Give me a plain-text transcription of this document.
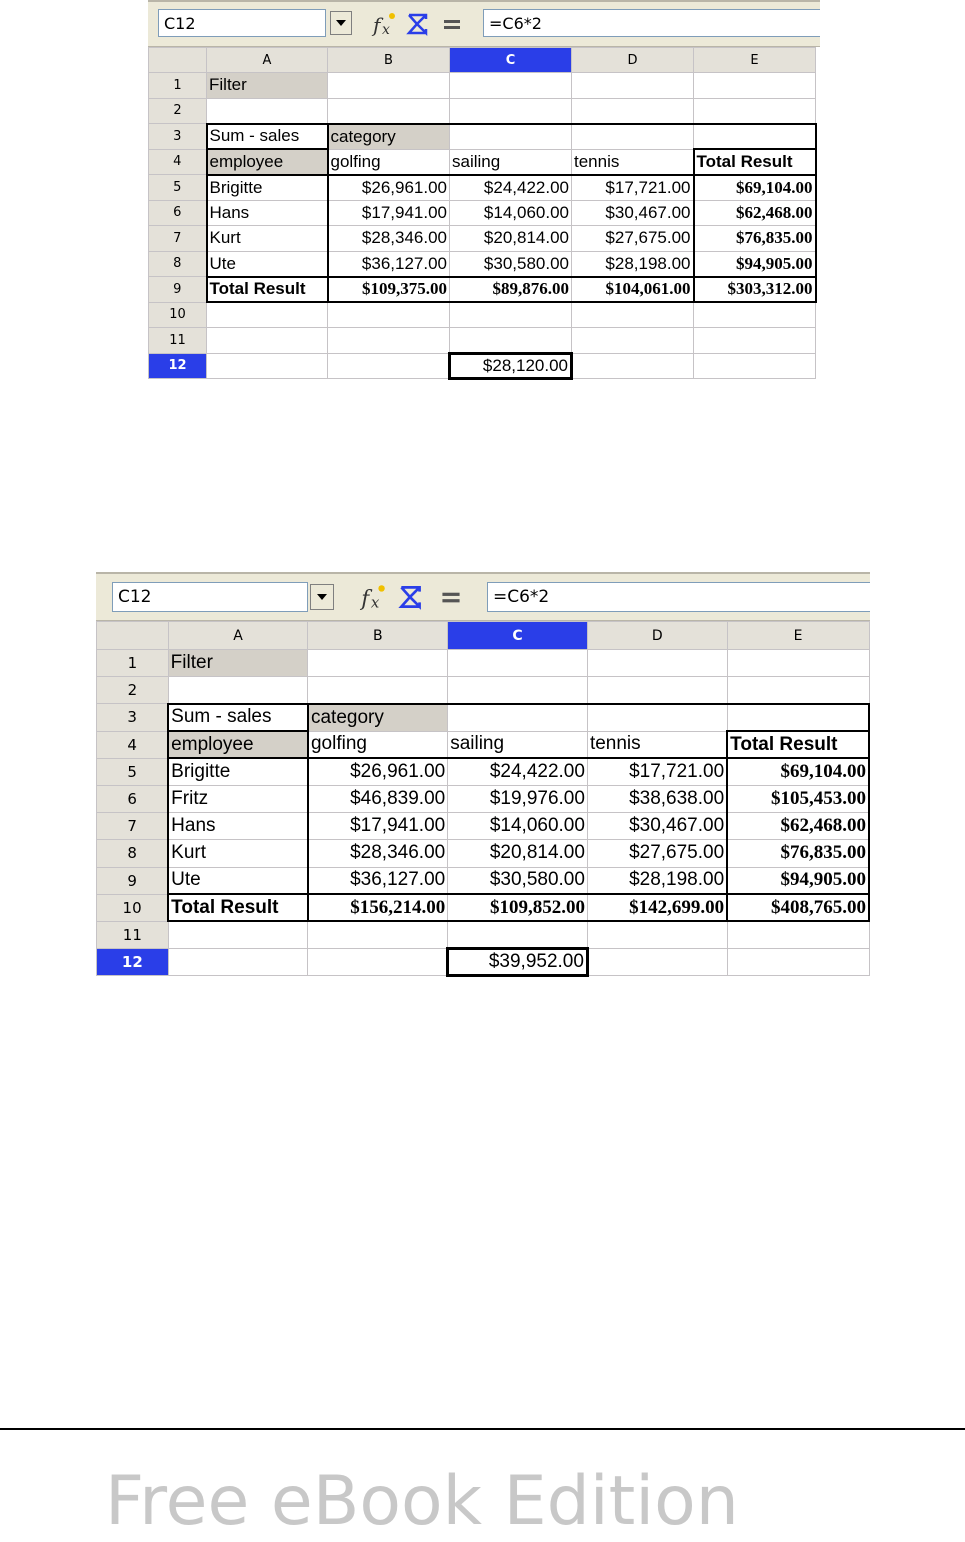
C12	f x	=C6*2
	A	B	C	D	E
1	Filter				
2					
3	Sum - sales	category			
4	employee	golfing	sailing	tennis	Total Result
5	Brigitte	$26,961.00	$24,422.00	$17,721.00	$69,104.00
6	Hans	$17,941.00	$14,060.00	$30,467.00	$62,468.00
7	Kurt	$28,346.00	$20,814.00	$27,675.00	$76,835.00
8	Ute	$36,127.00	$30,580.00	$28,198.00	$94,905.00
9	Total Result	$109,375.00	$89,876.00	$104,061.00	$303,312.00
10					
11					
12			$28,120.00		
C12	f x	=C6*2
	A	B	C	D	E
1	Filter				
2					
3	Sum - sales	category			
4	employee	golfing	sailing	tennis	Total Result
5	Brigitte	$26,961.00	$24,422.00	$17,721.00	$69,104.00
6	Fritz	$46,839.00	$19,976.00	$38,638.00	$105,453.00
7	Hans	$17,941.00	$14,060.00	$30,467.00	$62,468.00
8	Kurt	$28,346.00	$20,814.00	$27,675.00	$76,835.00
9	Ute	$36,127.00	$30,580.00	$28,198.00	$94,905.00
10	Total Result	$156,214.00	$109,852.00	$142,699.00	$408,765.00
11					
12			$39,952.00		
Free eBook Edition
